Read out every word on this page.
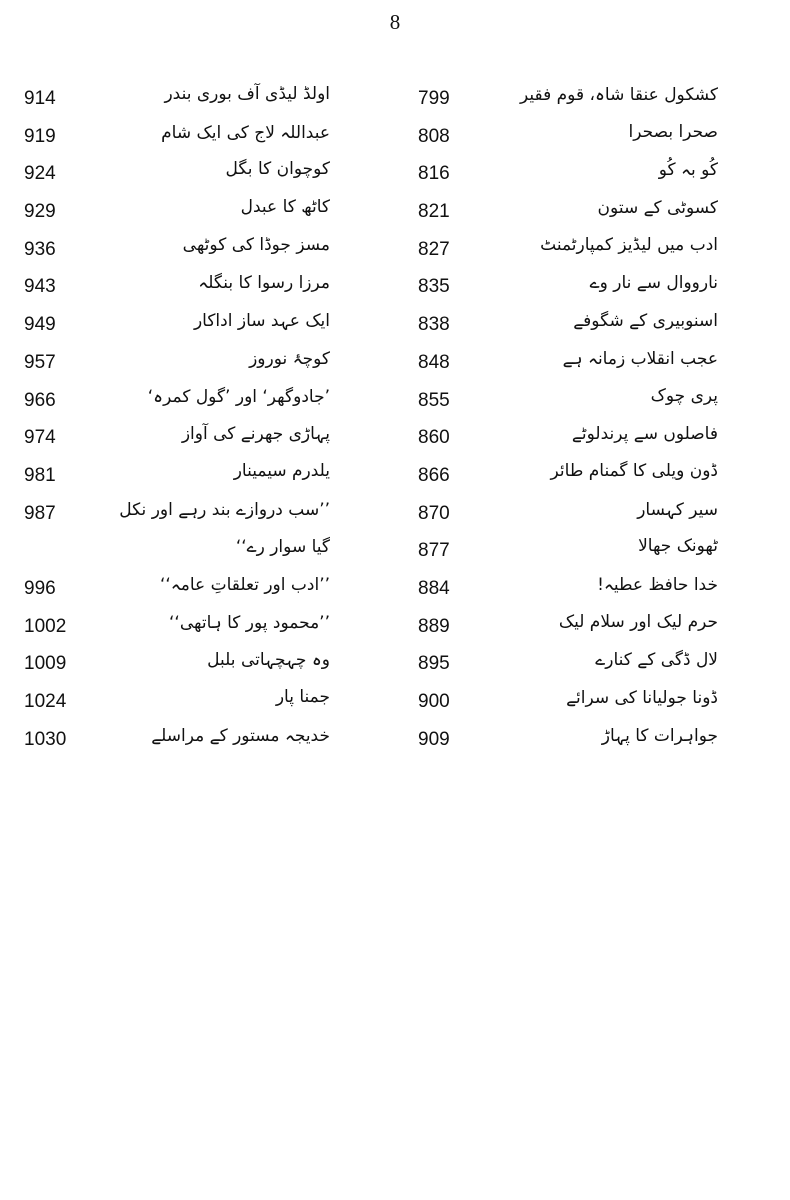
8
799	کشکول عنقا شاہ، قوم فقیر
808	صحرا بصحرا
816	کُو بہ کُو
821	کسوٹی کے ستون
827	ادب میں لیڈیز کمپارٹمنٹ
835	نارووال سے نار وے
838	اسنوبیری کے شگوفے
848	عجب انقلاب زمانہ ہے
855	پری چوک
860	فاصلوں سے پرندلوٹے
866	ڈون ویلی کا گمنام طائر
870	سیر کہسار
877	ٹھونک جھالا
884	خدا حافظ عطیہ!
889	حرم لیک اور سلام لیک
895	لال ڈگی کے کنارے
900	ڈونا جولیانا کی سرائے
909	جواہرات کا پہاڑ
914	اولڈ لیڈی آف بوری بندر
919	عبداللہ لاج کی ایک شام
924	کوچوان کا بگل
929	کاٹھ کا عبدل
936	مسز جوڈا کی کوٹھی
943	مرزا رسوا کا بنگلہ
949	ایک عہد ساز اداکار
957	کوچۂ نوروز
966	’جادوگھر‘ اور ’گول کمرہ‘
974	پہاڑی جھرنے کی آواز
981	یلدرم سیمینار
987	’’سب دروازے بند رہے اور نکل
گیا سوار رے‘‘
996	’’ادب اور تعلقاتِ عامہ‘‘
1002	’’محمود پور کا ہاتھی‘‘
1009	وہ چہچہاتی بلبل
1024	جمنا پار
1030	خدیجہ مستور کے مراسلے
